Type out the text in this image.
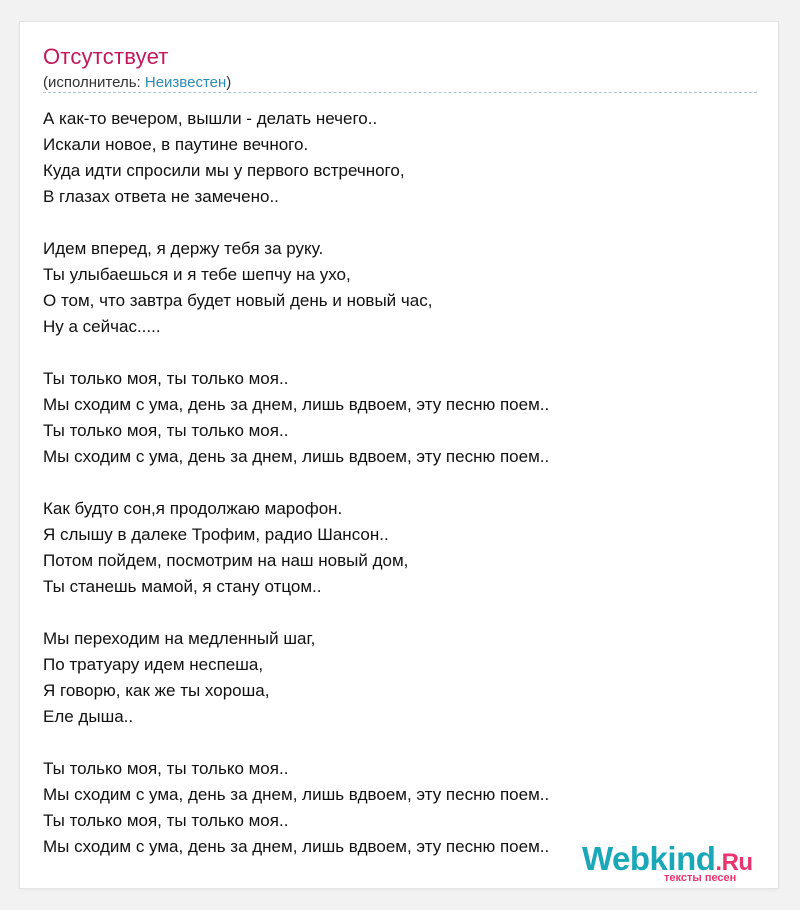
Отсутствует
(исполнитель: Неизвестен)
А как-то вечером, вышли - делать нечего..
Искали новое, в паутине вечного.
Куда идти спросили мы у первого встречного,
В глазах ответа не замечено..
Идем вперед, я держу тебя за руку.
Ты улыбаешься и я тебе шепчу на ухо,
О том, что завтра будет новый день и новый час,
Ну а сейчас.....
Ты только моя, ты только моя..
Мы сходим с ума, день за днем, лишь вдвоем, эту песню поем..
Ты только моя, ты только моя..
Мы сходим с ума, день за днем, лишь вдвоем, эту песню поем..
Как будто сон,я продолжаю марофон.
Я слышу в далеке Трофим, радио Шансон..
Потом пойдем, посмотрим на наш новый дом,
Ты станешь мамой, я стану отцом..
Мы переходим на медленный шаг,
По тратуару идем неспеша,
Я говорю, как же ты хороша,
Еле дыша..
Ты только моя, ты только моя..
Мы сходим с ума, день за днем, лишь вдвоем, эту песню поем..
Ты только моя, ты только моя..
Мы сходим с ума, день за днем, лишь вдвоем, эту песню поем.. Webkind.Ru
тексты песен
